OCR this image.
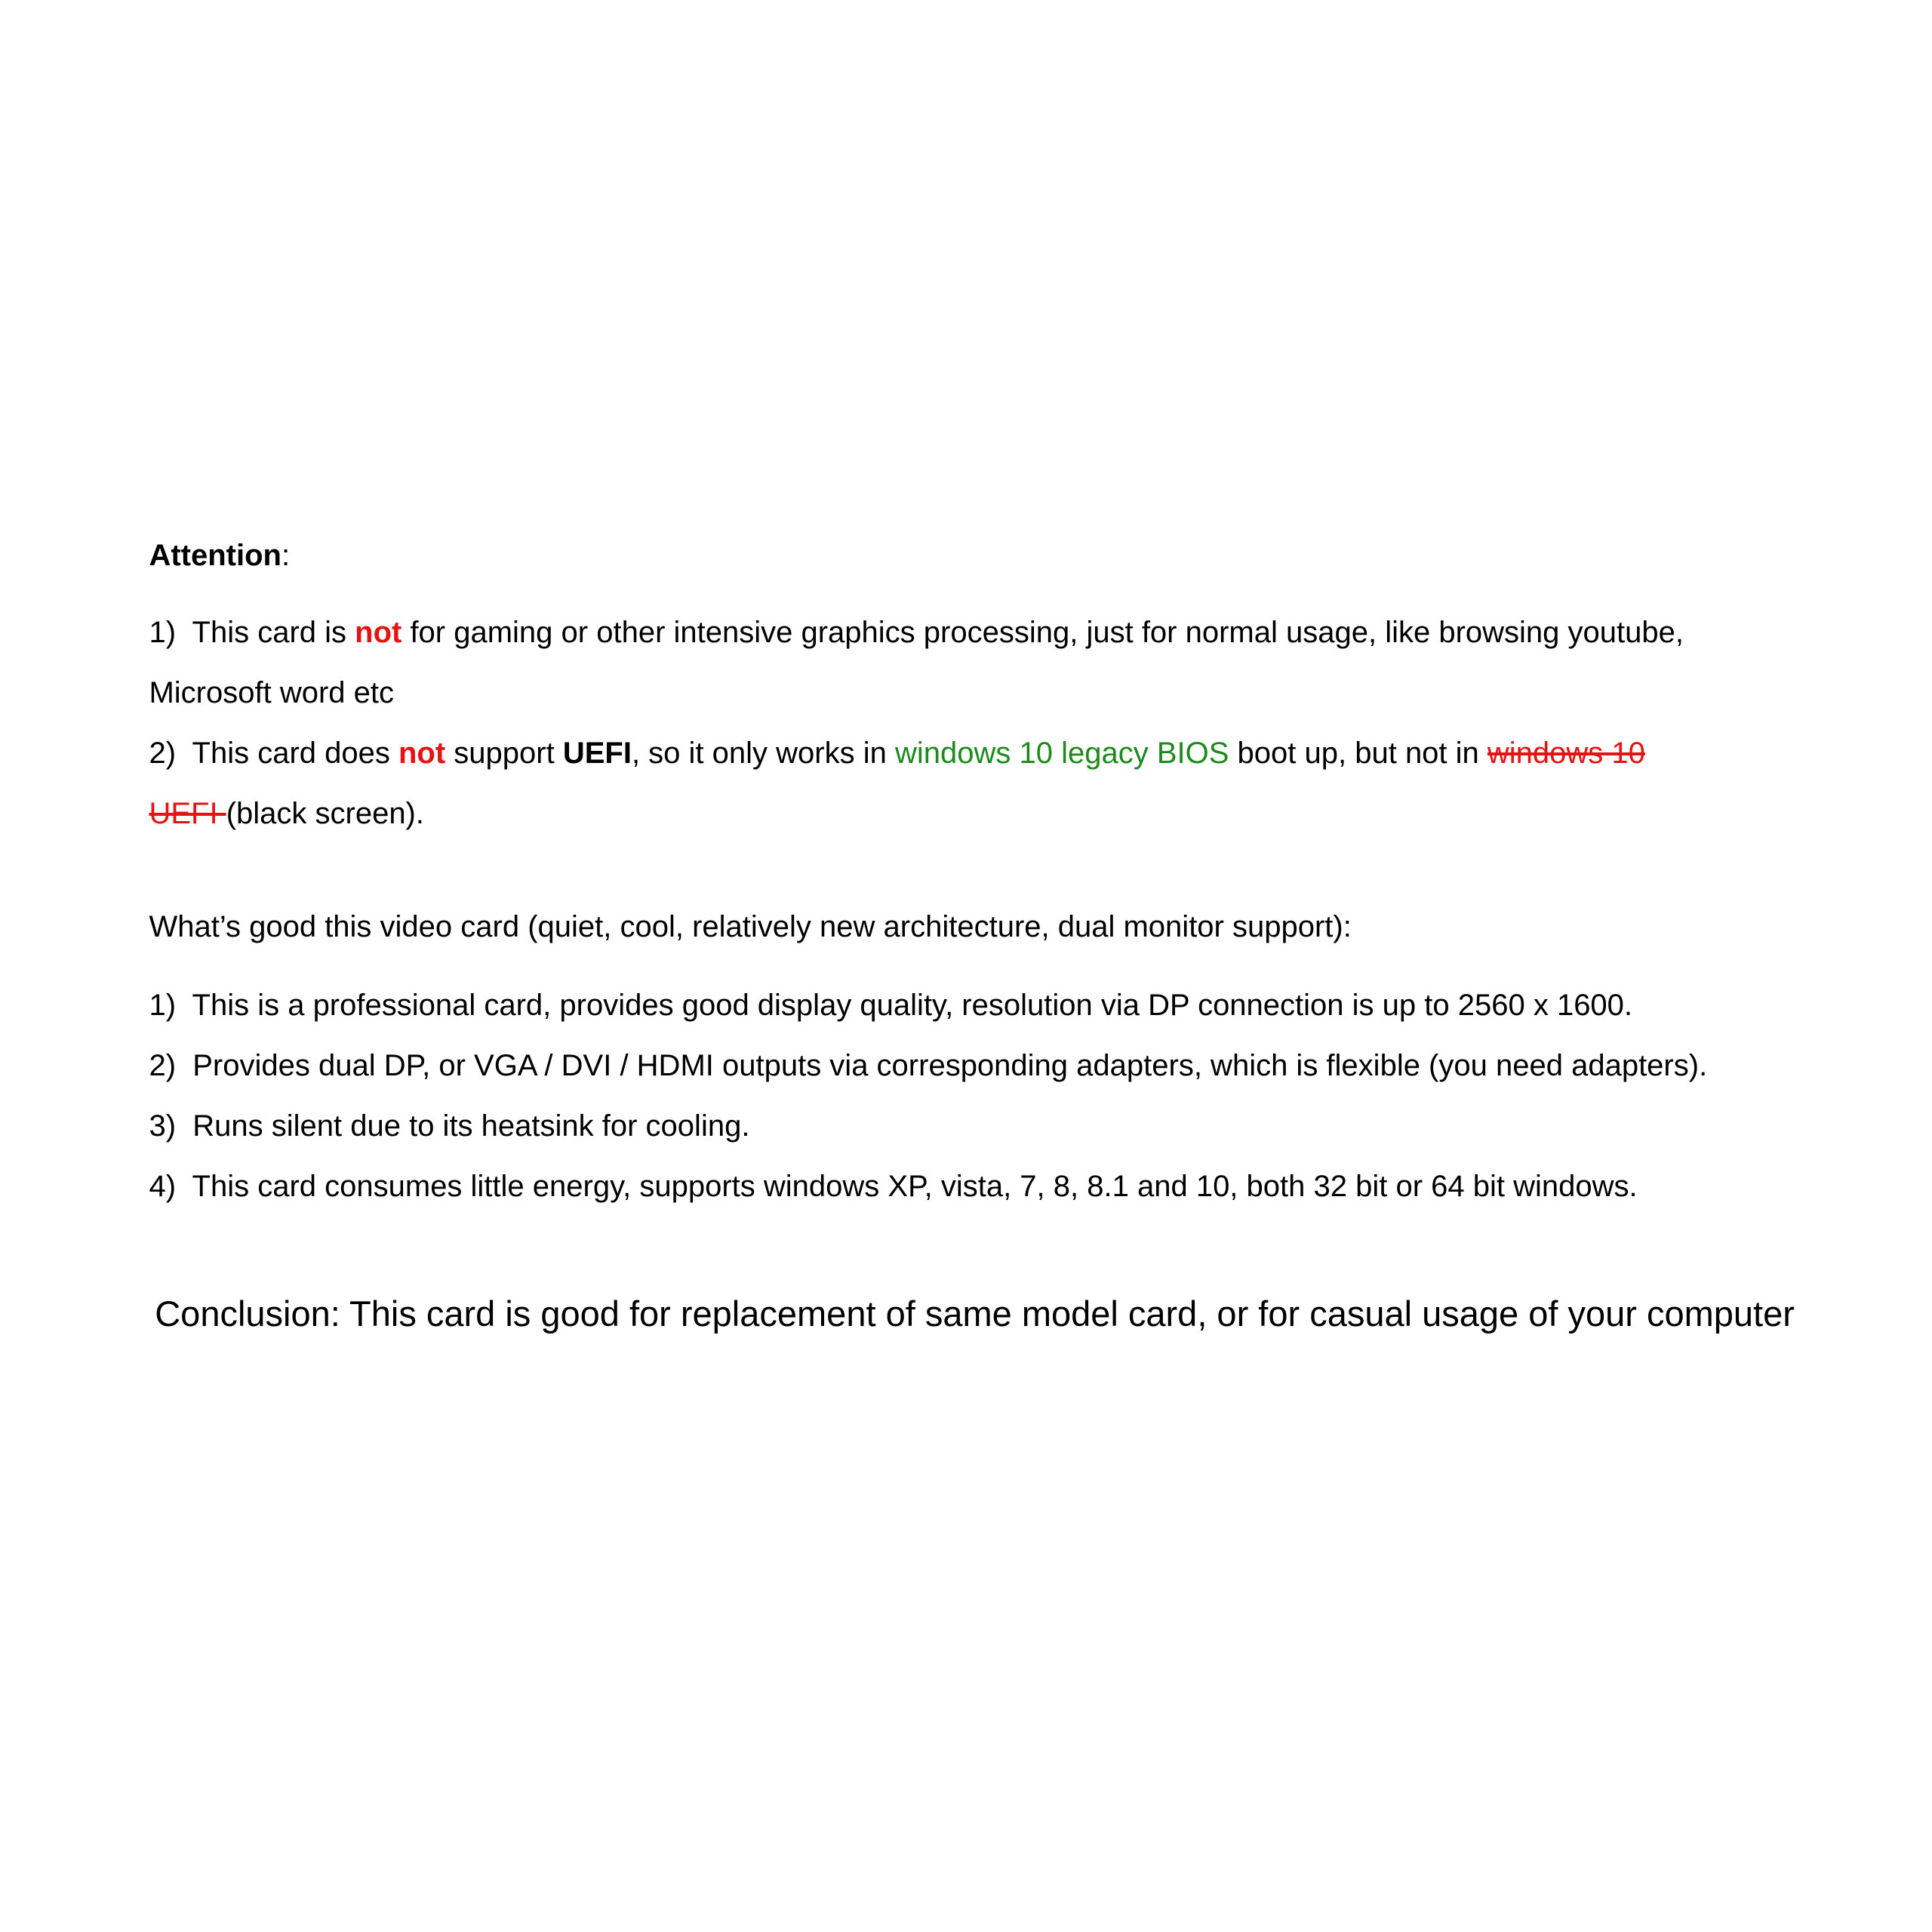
Attention:

1)  This card is not for gaming or other intensive graphics processing, just for normal usage, like browsing youtube,

Microsoft word etc

2)  This card does not support UEFI, so it only works in windows 10 legacy BIOS boot up, but not in windows 10

UEFI (black screen).

What’s good this video card (quiet, cool, relatively new architecture, dual monitor support):

1)  This is a professional card, provides good display quality, resolution via DP connection is up to 2560 x 1600.

2)  Provides dual DP, or VGA / DVI / HDMI outputs via corresponding adapters, which is flexible (you need adapters).

3)  Runs silent due to its heatsink for cooling.

4)  This card consumes little energy, supports windows XP, vista, 7, 8, 8.1 and 10, both 32 bit or 64 bit windows.

Conclusion: This card is good for replacement of same model card, or for casual usage of your computer
